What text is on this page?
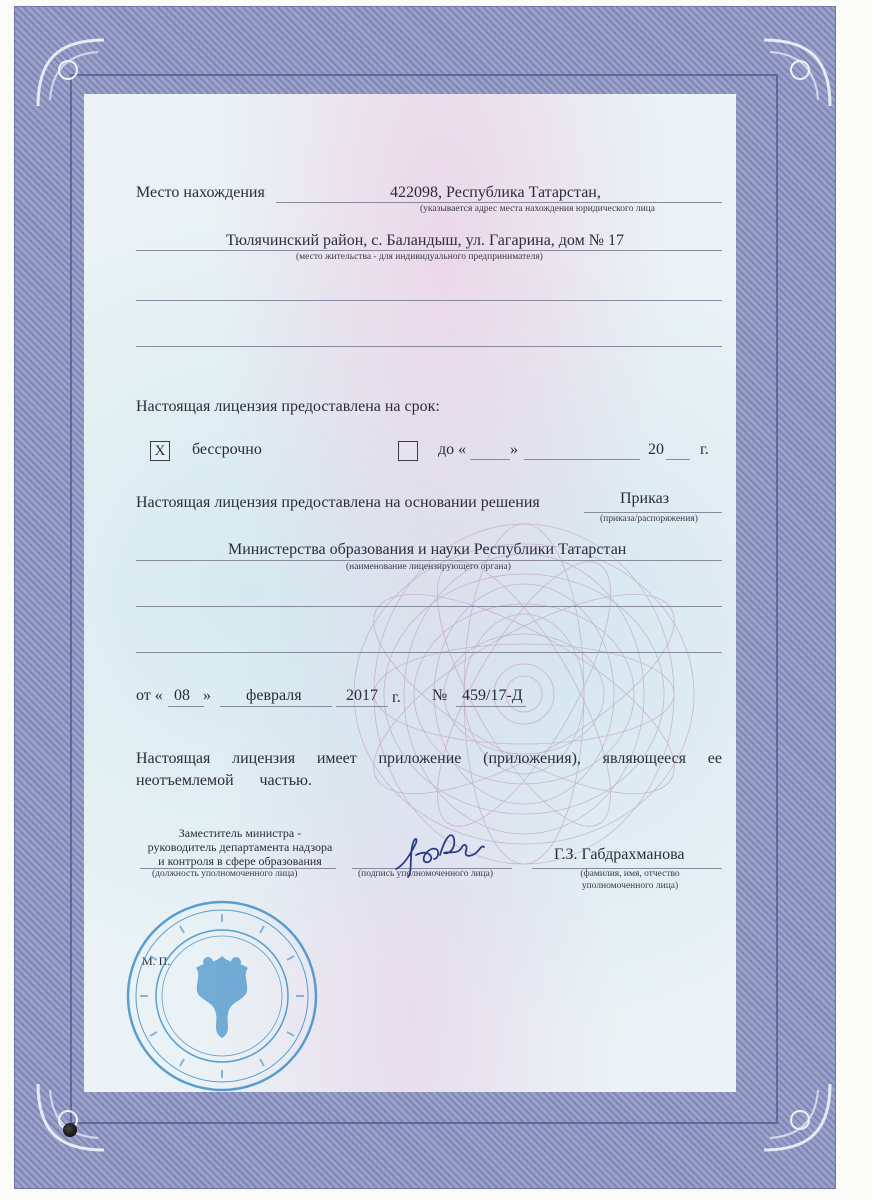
Место нахождения	422098, Республика Татарстан,
(указывается адрес места нахождения юридического лица
Тюлячинский район, с. Баландыш, ул. Гагарина, дом № 17
(место жительства - для индивидуального предпринимателя)
Настоящая лицензия предоставлена на срок:
X бессрочно	до «	»	20 г.
Настоящая лицензия предоставлена на основании решения	Приказ
(приказа/распоряжения)
Министерства образования и науки Республики Татарстан
(наименование лицензирующего органа)
от « 08 » февраля	2017 г. № 459/17-Д
Настоящая лицензия имеет приложение (приложения), являющееся ее
неотъемлемой частью.
Заместитель министра -
руководитель департамента надзора
и контроля в сфере образования
(должность уполномоченного лица)	(подпись уполномоченного лица)
Г.З. Габдрахманова
(фамилия, имя, отчество
уполномоченного лица)
М. П.
